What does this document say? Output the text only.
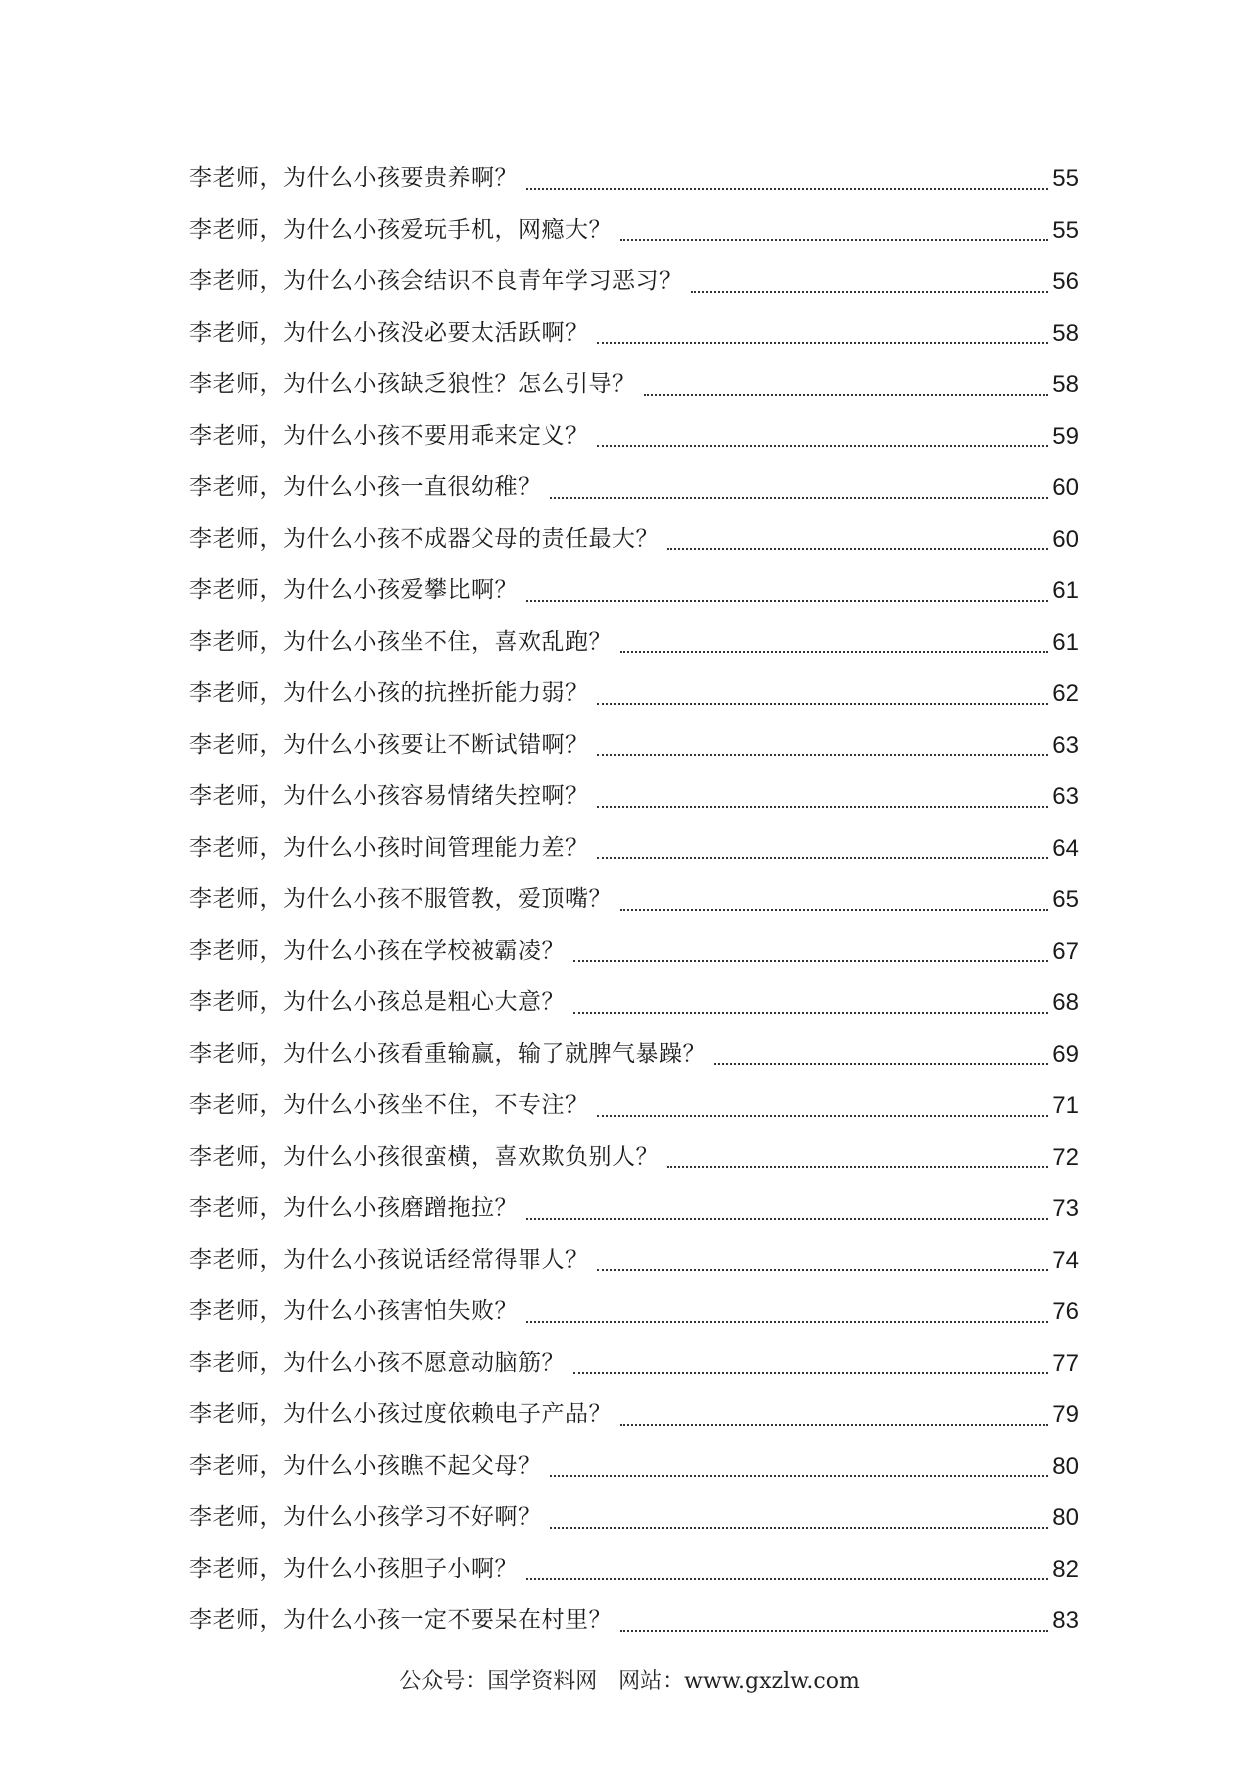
李老师，为什么小孩要贵养啊？	55
李老师，为什么小孩爱玩手机，网瘾大？	55
李老师，为什么小孩会结识不良青年学习恶习？	56
李老师，为什么小孩没必要太活跃啊？	58
李老师，为什么小孩缺乏狼性？怎么引导？	58
李老师，为什么小孩不要用乖来定义？	59
李老师，为什么小孩一直很幼稚？	60
李老师，为什么小孩不成器父母的责任最大？	60
李老师，为什么小孩爱攀比啊？	61
李老师，为什么小孩坐不住，喜欢乱跑？	61
李老师，为什么小孩的抗挫折能力弱？	62
李老师，为什么小孩要让不断试错啊？	63
李老师，为什么小孩容易情绪失控啊？	63
李老师，为什么小孩时间管理能力差？	64
李老师，为什么小孩不服管教，爱顶嘴？	65
李老师，为什么小孩在学校被霸凌？	67
李老师，为什么小孩总是粗心大意？	68
李老师，为什么小孩看重输赢，输了就脾气暴躁？	69
李老师，为什么小孩坐不住，不专注？	71
李老师，为什么小孩很蛮横，喜欢欺负别人？	72
李老师，为什么小孩磨蹭拖拉？	73
李老师，为什么小孩说话经常得罪人？	74
李老师，为什么小孩害怕失败？	76
李老师，为什么小孩不愿意动脑筋？	77
李老师，为什么小孩过度依赖电子产品？	79
李老师，为什么小孩瞧不起父母？	80
李老师，为什么小孩学习不好啊？	80
李老师，为什么小孩胆子小啊？	82
李老师，为什么小孩一定不要呆在村里？	83
公众号：国学资料网   网站：www.gxzlw.com
